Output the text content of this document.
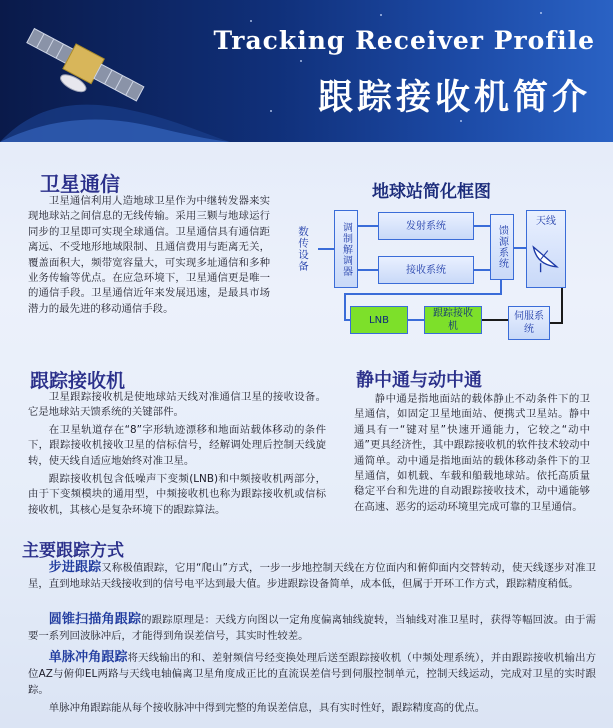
Tracking Receiver Profile
跟踪接收机简介
卫星通信

卫星通信利用人造地球卫星作为中继转发器来实现地球站之间信息的无线传输。采用三颗与地球运行同步的卫星即可实现全球通信。卫星通信具有通信距离远、不受地形地域限制、且通信费用与距离无关，覆盖面积大，频带宽容量大，可实现多址通信和多种业务传输等优点。在应急环境下，卫星通信更是唯一的通信手段。卫星通信近年来发展迅速，是最具市场潜力的最先进的移动通信手段。

地球站简化框图

数传设备	调制解调器	发射系统
接收系统
馈源系统
天线
LNB
跟踪接收机
伺服系统
跟踪接收机

卫星跟踪接收机是使地球站天线对准通信卫星的接收设备。它是地球站天馈系统的关键部件。

在卫星轨道存在“8”字形轨迹漂移和地面站载体移动的条件下，跟踪接收机接收卫星的信标信号，经解调处理后控制天线旋转，使天线自适应地始终对准卫星。

跟踪接收机包含低噪声下变频(LNB)和中频接收机两部分，由于下变频模块的通用型，中频接收机也称为跟踪接收机或信标接收机，其核心是复杂环境下的跟踪算法。

静中通与动中通

静中通是指地面站的载体静止不动条件下的卫星通信，如固定卫星地面站、便携式卫星站。静中通具有一“键对星”快速开通能力，它较之“动中通”更具经济性，其中跟踪接收机的软件技术较动中通简单。动中通是指地面站的载体移动条件下的卫星通信，如机载、车载和船载地球站。依托高质量稳定平台和先进的自动跟踪接收技术，动中通能够在高速、恶劣的运动环境里完成可靠的卫星通信。

主要跟踪方式

步进跟踪又称极值跟踪，它用“爬山”方式，一步一步地控制天线在方位面内和俯仰面内交替转动，使天线逐步对准卫星，直到地球站天线接收到的信号电平达到最大值。步进跟踪设备简单，成本低，但属于开环工作方式，跟踪精度稍低。

圆锥扫描角跟踪的跟踪原理是：天线方向图以一定角度偏离轴线旋转，当轴线对准卫星时，获得等幅回波。由于需要一系列回波脉冲后，才能得到角误差信号，其实时性较差。

单脉冲角跟踪将天线输出的和、差射频信号经变换处理后送至跟踪接收机（中频处理系统），并由跟踪接收机输出方位AZ与俯仰EL两路与天线电轴偏离卫星角度成正比的直流误差信号到伺服控制单元，控制天线运动，完成对卫星的实时跟踪。

单脉冲角跟踪能从每个接收脉冲中得到完整的角误差信息，具有实时性好，跟踪精度高的优点。
